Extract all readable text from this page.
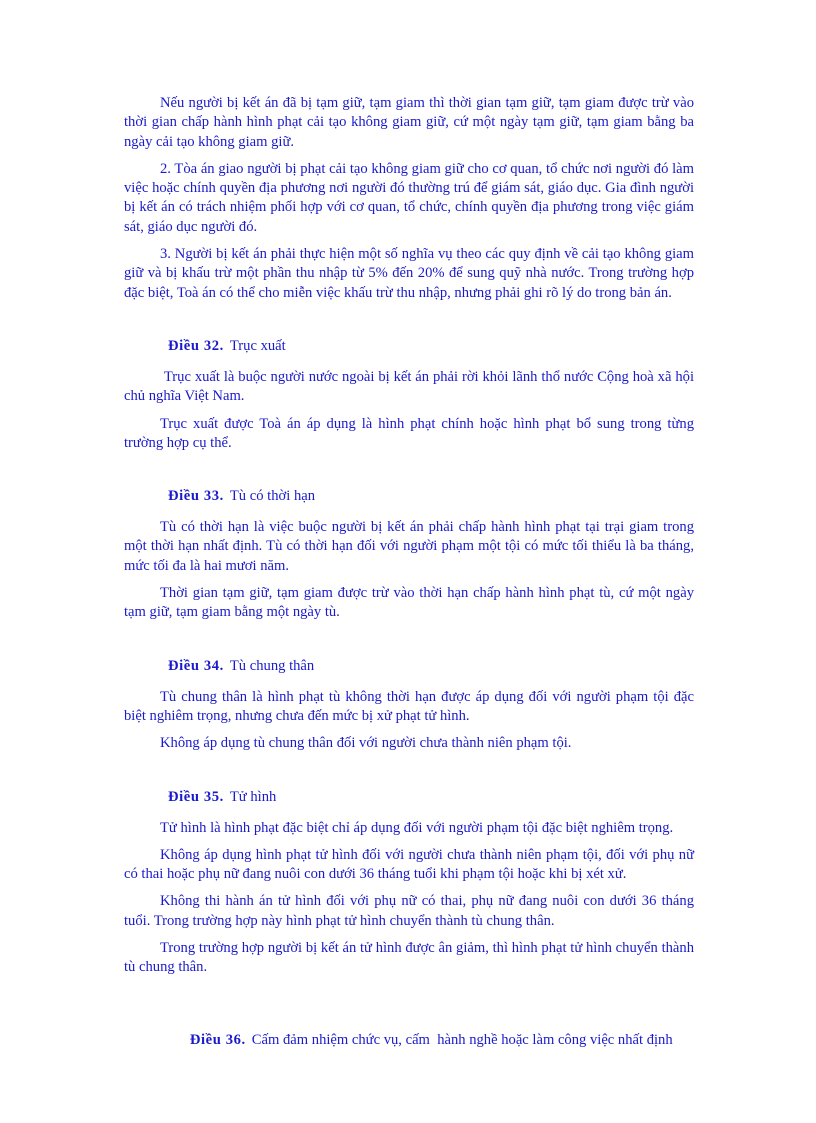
Nếu người bị kết án đã bị tạm giữ, tạm giam thì thời gian tạm giữ, tạm giam được trừ vào thời gian chấp hành hình phạt cải tạo không giam giữ, cứ một ngày tạm giữ, tạm giam bằng ba ngày cải tạo không giam giữ.

2. Tòa án giao người bị phạt cải tạo không giam giữ cho cơ quan, tổ chức nơi người đó làm việc hoặc chính quyền địa phương nơi người đó thường trú để giám sát, giáo dục. Gia đình người bị kết án có trách nhiệm phối hợp với cơ quan, tổ chức, chính quyền địa phương trong việc giám sát, giáo dục người đó.

3. Người bị kết án phải thực hiện một số nghĩa vụ theo các quy định về cải tạo không giam giữ và bị khấu trừ một phần thu nhập từ 5% đến 20% để sung quỹ nhà nước. Trong trường hợp đặc biệt, Toà án có thể cho miễn việc khấu trừ thu nhập, nhưng phải ghi rõ lý do trong bản án.

Điều 32. Trục xuất

Trục xuất là buộc người nước ngoài bị kết án phải rời khỏi lãnh thổ nước Cộng hoà xã hội chủ nghĩa Việt Nam.

Trục xuất được Toà án áp dụng là hình phạt chính hoặc hình phạt bổ sung trong từng trường hợp cụ thể.

Điều 33. Tù có thời hạn

Tù có thời hạn là việc buộc người bị kết án phải chấp hành hình phạt tại trại giam trong một thời hạn nhất định. Tù có thời hạn đối với người phạm một tội có mức tối thiểu là ba tháng, mức tối đa là hai mươi năm.

Thời gian tạm giữ, tạm giam được trừ vào thời hạn chấp hành hình phạt tù, cứ một ngày tạm giữ, tạm giam bằng một ngày tù.

Điều 34. Tù chung thân

Tù chung thân là hình phạt tù không thời hạn được áp dụng đối với người phạm tội đặc biệt nghiêm trọng, nhưng chưa đến mức bị xử phạt tử hình.

Không áp dụng tù chung thân đối với người chưa thành niên phạm tội.

Điều 35. Tử hình

Tử hình là hình phạt đặc biệt chỉ áp dụng đối với người phạm tội đặc biệt nghiêm trọng.

Không áp dụng hình phạt tử hình đối với người chưa thành niên phạm tội, đối với phụ nữ có thai hoặc phụ nữ đang nuôi con dưới 36 tháng tuổi khi phạm tội hoặc khi bị xét xử.

Không thi hành án tử hình đối với phụ nữ có thai, phụ nữ đang nuôi con dưới 36 tháng tuổi. Trong trường hợp này hình phạt tử hình chuyển thành tù chung thân.

Trong trường hợp người bị kết án tử hình được ân giảm, thì hình phạt tử hình chuyển thành tù chung thân.

Điều 36. Cấm đảm nhiệm chức vụ, cấm  hành nghề hoặc làm công việc nhất định
